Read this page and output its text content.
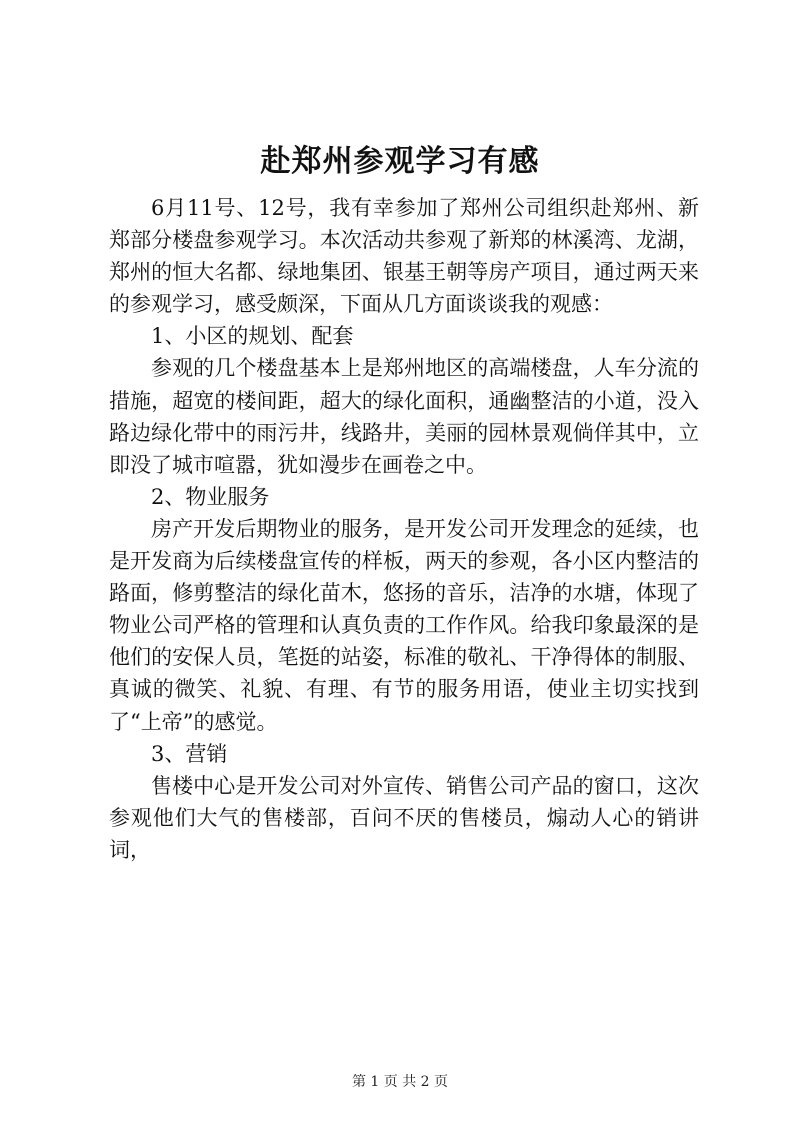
赴郑州参观学习有感

6月11号、12号，我有幸参加了郑州公司组织赴郑州、新郑部分楼盘参观学习。本次活动共参观了新郑的林溪湾、龙湖，郑州的恒大名都、绿地集团、银基王朝等房产项目，通过两天来的参观学习，感受颇深，下面从几方面谈谈我的观感：

1、小区的规划、配套

参观的几个楼盘基本上是郑州地区的高端楼盘，人车分流的措施，超宽的楼间距，超大的绿化面积，通幽整洁的小道，没入路边绿化带中的雨污井，线路井，美丽的园林景观倘佯其中，立即没了城市喧嚣，犹如漫步在画卷之中。

2、物业服务

房产开发后期物业的服务，是开发公司开发理念的延续，也是开发商为后续楼盘宣传的样板，两天的参观，各小区内整洁的路面，修剪整洁的绿化苗木，悠扬的音乐，洁净的水塘，体现了物业公司严格的管理和认真负责的工作作风。给我印象最深的是他们的安保人员，笔挺的站姿，标准的敬礼、干净得体的制服、真诚的微笑、礼貌、有理、有节的服务用语，使业主切实找到了“上帝”的感觉。

3、营销

售楼中心是开发公司对外宣传、销售公司产品的窗口，这次参观他们大气的售楼部，百问不厌的售楼员，煽动人心的销讲词，

第 1 页 共 2 页
